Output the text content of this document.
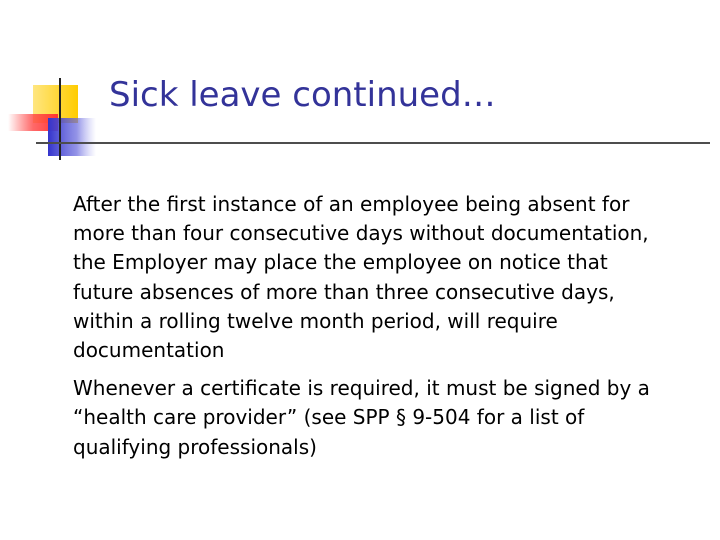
Sick leave continued…
After the first instance of an employee being absent for more than four consecutive days without documentation, the Employer may place the employee on notice that future absences of more than three consecutive days, within a rolling twelve month period, will require documentation
Whenever a certificate is required, it must be signed by a “health care provider” (see SPP § 9-504 for a list of qualifying professionals)
